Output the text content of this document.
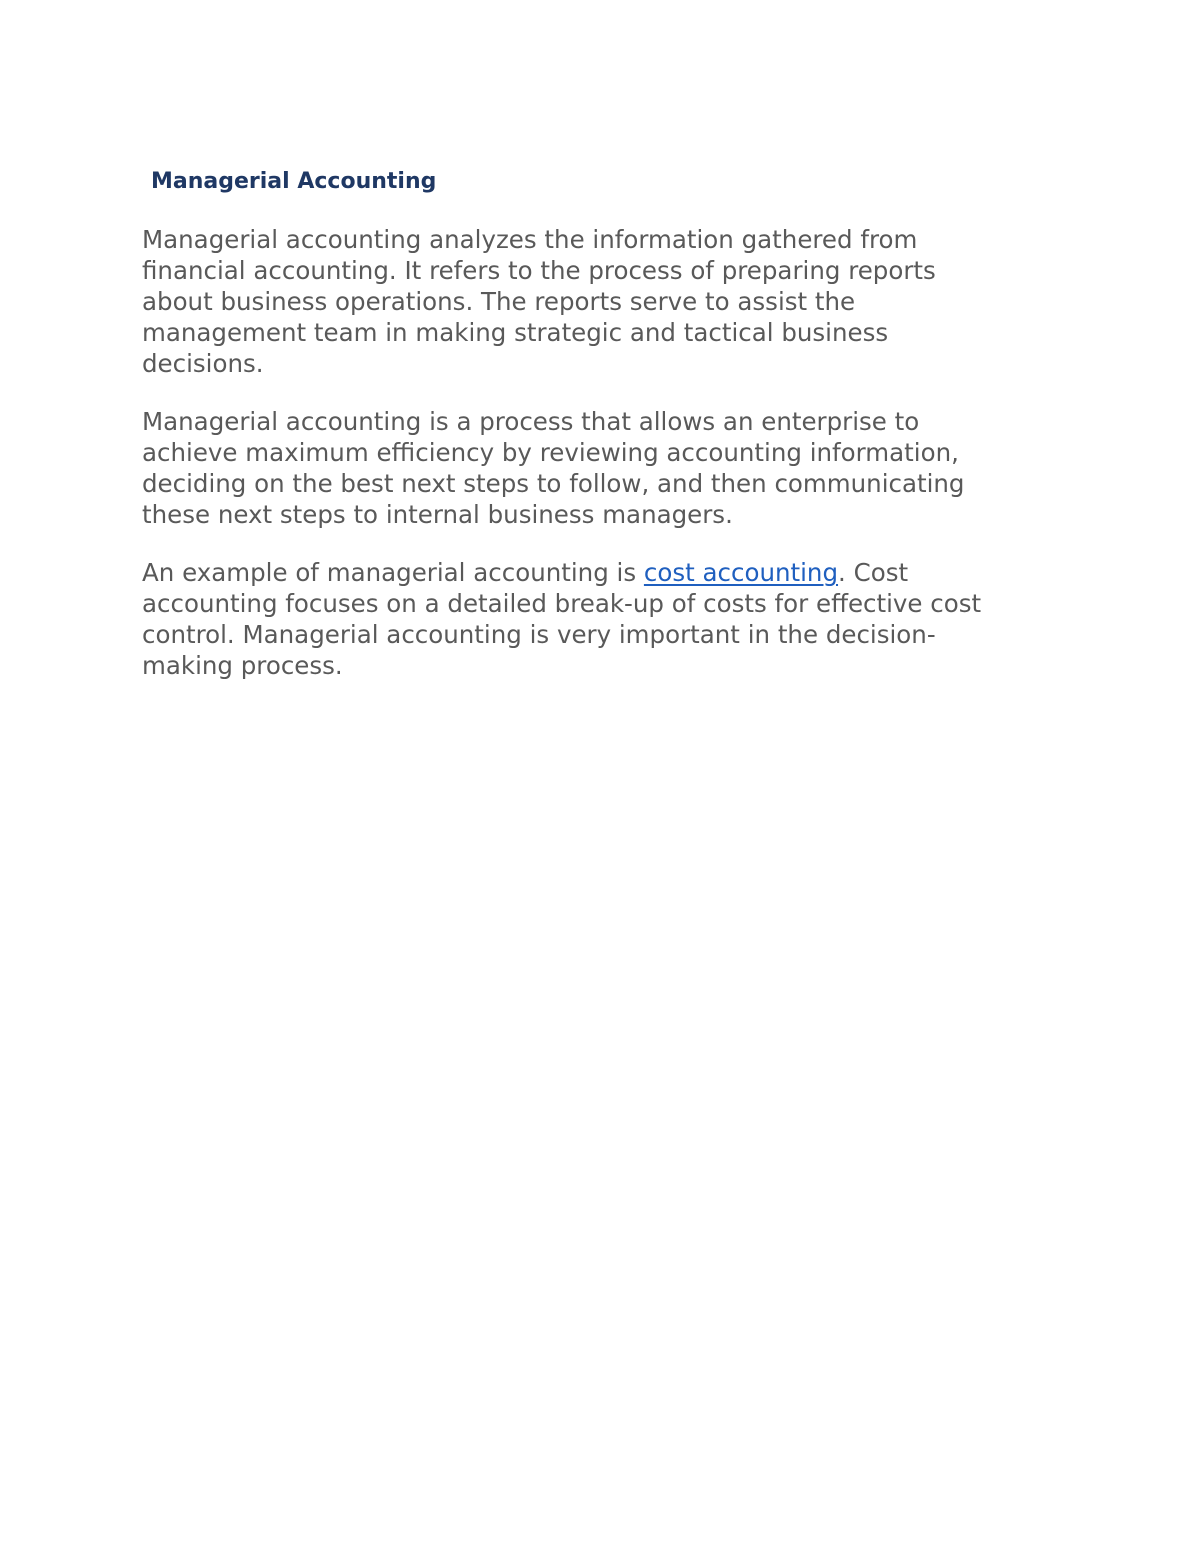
Managerial Accounting

Managerial accounting analyzes the information gathered from
financial accounting. It refers to the process of preparing reports
about business operations. The reports serve to assist the
management team in making strategic and tactical business
decisions.

Managerial accounting is a process that allows an enterprise to
achieve maximum efficiency by reviewing accounting information,
deciding on the best next steps to follow, and then communicating
these next steps to internal business managers.

An example of managerial accounting is cost accounting. Cost
accounting focuses on a detailed break-up of costs for effective cost
control. Managerial accounting is very important in the decision-
making process.
